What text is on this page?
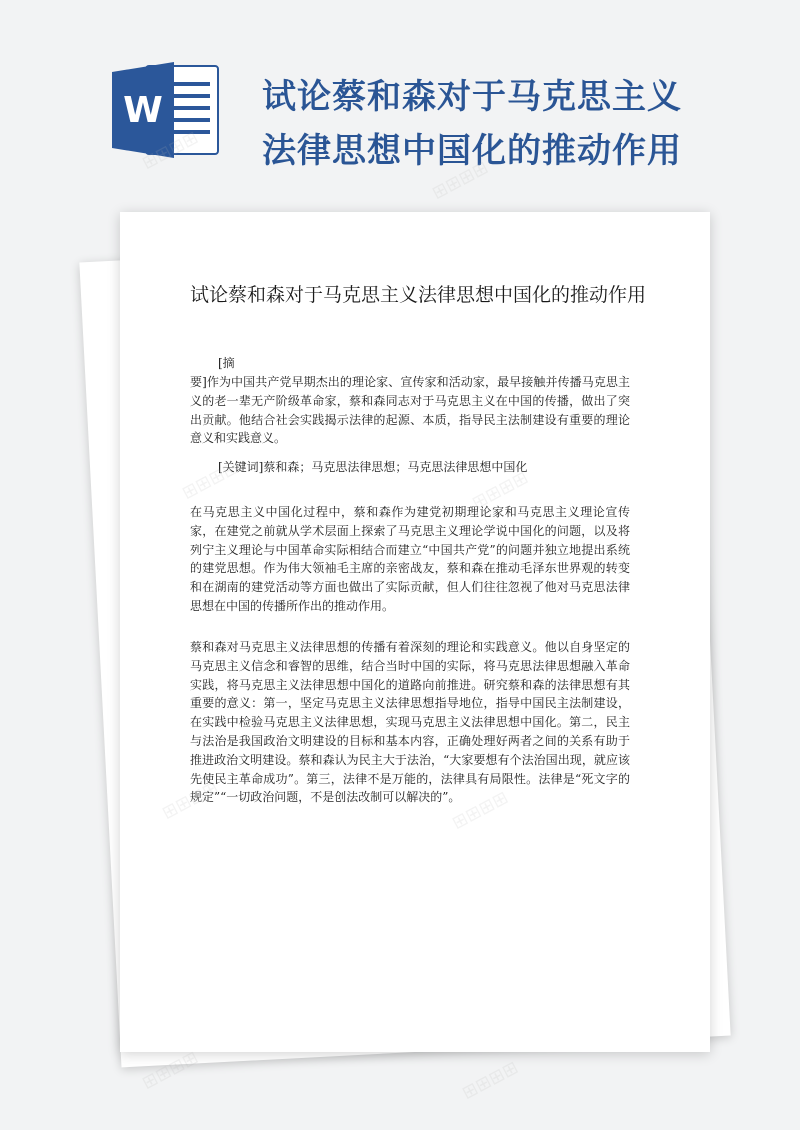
W	试论蔡和森对于马克思主义法律思想中国化的推动作用
试论蔡和森对于马克思主义法律思想中国化的推动作用
[摘
要]作为中国共产党早期杰出的理论家、宣传家和活动家，最早接触并传播马克思主义的老一辈无产阶级革命家，蔡和森同志对于马克思主义在中国的传播，做出了突出贡献。他结合社会实践揭示法律的起源、本质，指导民主法制建设有重要的理论意义和实践意义。
[关键词]蔡和森；马克思法律思想；马克思法律思想中国化
在马克思主义中国化过程中，蔡和森作为建党初期理论家和马克思主义理论宣传家，在建党之前就从学术层面上探索了马克思主义理论学说中国化的问题，以及将列宁主义理论与中国革命实际相结合而建立“中国共产党”的问题并独立地提出系统的建党思想。作为伟大领袖毛主席的亲密战友，蔡和森在推动毛泽东世界观的转变和在湖南的建党活动等方面也做出了实际贡献，但人们往往忽视了他对马克思法律思想在中国的传播所作出的推动作用。
蔡和森对马克思主义法律思想的传播有着深刻的理论和实践意义。他以自身坚定的马克思主义信念和睿智的思维，结合当时中国的实际，将马克思法律思想融入革命实践，将马克思主义法律思想中国化的道路向前推进。研究蔡和森的法律思想有其重要的意义：第一，坚定马克思主义法律思想指导地位，指导中国民主法制建设，在实践中检验马克思主义法律思想，实现马克思主义法律思想中国化。第二，民主与法治是我国政治文明建设的目标和基本内容，正确处理好两者之间的关系有助于推进政治文明建设。蔡和森认为民主大于法治，“大家要想有个法治国出现，就应该先使民主革命成功”。第三，法律不是万能的，法律具有局限性。法律是“死文字的规定”“一切政治问题，不是创法改制可以解决的”。
⊞⊞⊞⊞
⊞⊞⊞⊞	⊞⊞⊞⊞
